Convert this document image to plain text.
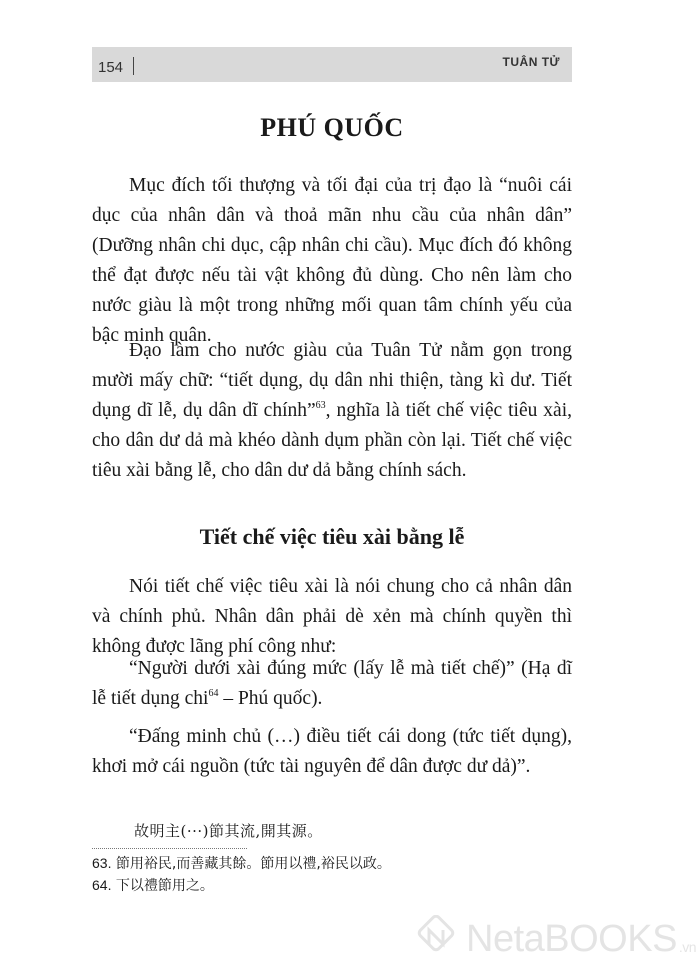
154	TUÂN TỬ
PHÚ QUỐC

Mục đích tối thượng và tối đại của trị đạo là “nuôi cái dục của nhân dân và thoả mãn nhu cầu của nhân dân” (Dưỡng nhân chi dục, cập nhân chi cầu). Mục đích đó không thể đạt được nếu tài vật không đủ dùng. Cho nên làm cho nước giàu là một trong những mối quan tâm chính yếu của bậc minh quân.

Đạo làm cho nước giàu của Tuân Tử nằm gọn trong mười mấy chữ: “tiết dụng, dụ dân nhi thiện, tàng kì dư. Tiết dụng dĩ lễ, dụ dân dĩ chính”$^{63}$, nghĩa là tiết chế việc tiêu xài, cho dân dư dả mà khéo dành dụm phần còn lại. Tiết chế việc tiêu xài bằng lễ, cho dân dư dả bằng chính sách.

Tiết chế việc tiêu xài bằng lễ

Nói tiết chế việc tiêu xài là nói chung cho cả nhân dân và chính phủ. Nhân dân phải dè xẻn mà chính quyền thì không được lãng phí công như:

“Người dưới xài đúng mức (lấy lễ mà tiết chế)” (Hạ dĩ lễ tiết dụng chi$^{64}$ – Phú quốc).

“Đấng minh chủ (…) điều tiết cái dong (tức tiết dụng), khơi mở cái nguồn (tức tài nguyên để dân được dư dả)”.

故明主(···)節其流,開其源。
63. 節用裕民,而善藏其餘。節用以禮,裕民以政。
64. 下以禮節用之。
NetaBOOKS .vn
